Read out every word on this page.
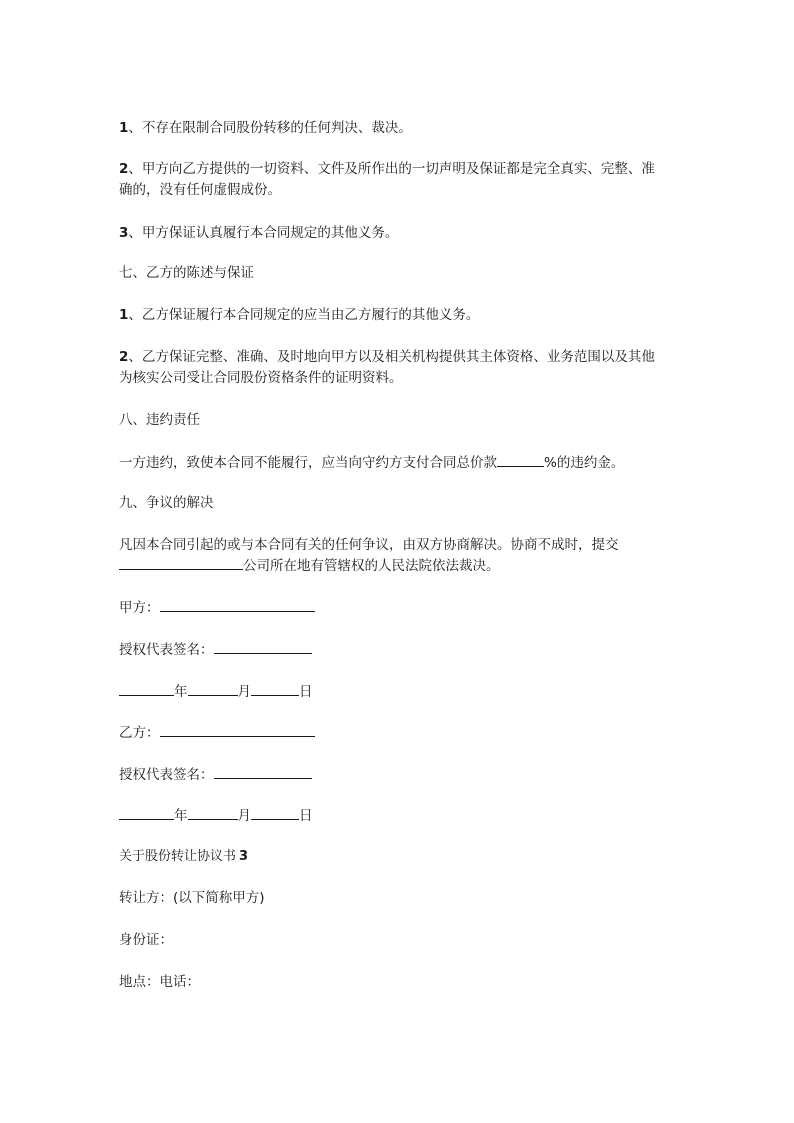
1、不存在限制合同股份转移的任何判决、裁决。
2、甲方向乙方提供的一切资料、文件及所作出的一切声明及保证都是完全真实、完整、准
确的，没有任何虚假成份。
3、甲方保证认真履行本合同规定的其他义务。
七、乙方的陈述与保证
1、乙方保证履行本合同规定的应当由乙方履行的其他义务。
2、乙方保证完整、准确、及时地向甲方以及相关机构提供其主体资格、业务范围以及其他
为核实公司受让合同股份资格条件的证明资料。
八、违约责任
一方违约，致使本合同不能履行，应当向守约方支付合同总价款	%的违约金。
九、争议的解决
凡因本合同引起的或与本合同有关的任何争议，由双方协商解决。协商不成时，提交
公司所在地有管辖权的人民法院依法裁决。
甲方：
授权代表签名：
年	月	日
乙方：
授权代表签名：
年	月	日
关于股份转让协议书 3
转让方：(以下简称甲方)
身份证：
地点：电话：
